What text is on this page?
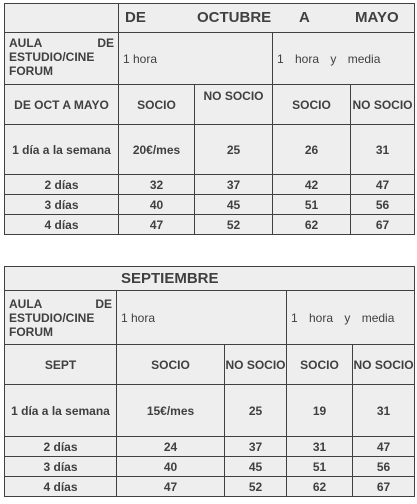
	DE OCTUBRE A MAYO			

AULA DE ESTUDIO/CINE FORUM	1 hora		1 hora y media	
DE OCT A MAYO	SOCIO	NO SOCIO	SOCIO	NO SOCIO
1 día a la semana	20€/mes	25	26	31
2 días	32	37	42	47
3 días	40	45	51	56
4 días	47	52	62	67
SEPTIEMBRE				

AULA DE ESTUDIO/CINE FORUM	1 hora		1 hora y media	
SEPT	SOCIO	NO SOCIO	SOCIO	NO SOCIO
1 día a la semana	15€/mes	25	19	31
2 días	24	37	31	47
3 días	40	45	51	56
4 días	47	52	62	67
